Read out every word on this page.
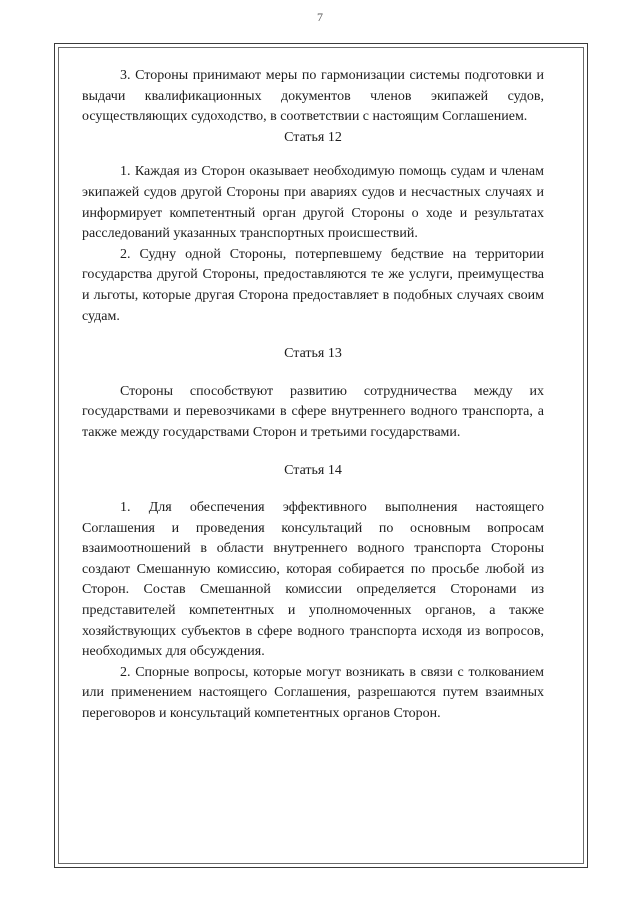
7

3. Стороны принимают меры по гармонизации системы подготовки и выдачи квалификационных документов членов экипажей судов, осуществляющих судоходство, в соответствии с настоящим Соглашением.

Статья 12

1. Каждая из Сторон оказывает необходимую помощь судам и членам экипажей судов другой Стороны при авариях судов и несчастных случаях и информирует компетентный орган другой Стороны о ходе и результатах расследований указанных транспортных происшествий.

2. Судну одной Стороны, потерпевшему бедствие на территории государства другой Стороны, предоставляются те же услуги, преимущества и льготы, которые другая Сторона предоставляет в подобных случаях своим судам.

Статья 13

Стороны способствуют развитию сотрудничества между их государствами и перевозчиками в сфере внутреннего водного транспорта, а также между государствами Сторон и третьими государствами.

Статья 14

1. Для обеспечения эффективного выполнения настоящего Соглашения и проведения консультаций по основным вопросам взаимоотношений в области внутреннего водного транспорта Стороны создают Смешанную комиссию, которая собирается по просьбе любой из Сторон. Состав Смешанной комиссии определяется Сторонами из представителей компетентных и уполномоченных органов, а также хозяйствующих субъектов в сфере водного транспорта исходя из вопросов, необходимых для обсуждения.

2. Спорные вопросы, которые могут возникать в связи с толкованием или применением настоящего Соглашения, разрешаются путем взаимных переговоров и консультаций компетентных органов Сторон.
